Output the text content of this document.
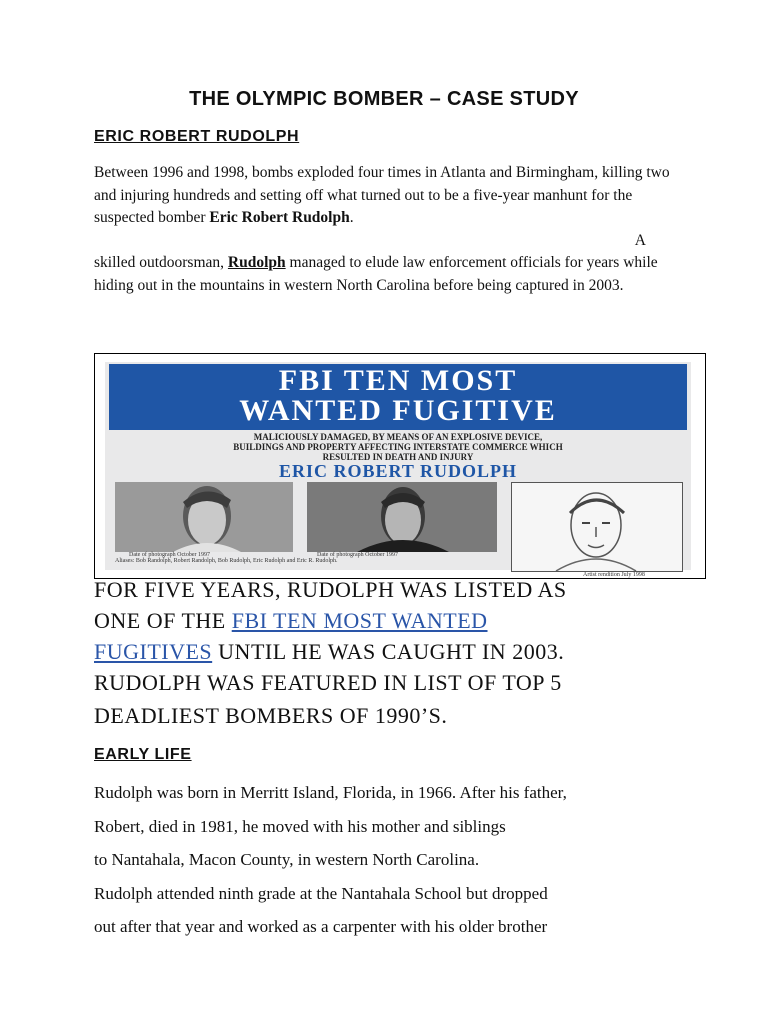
THE OLYMPIC BOMBER – CASE STUDY
ERIC ROBERT RUDOLPH

Between 1996 and 1998, bombs exploded four times in Atlanta and Birmingham, killing two and injuring hundreds and setting off what turned out to be a five-year manhunt for the suspected bomber Eric Robert Rudolph.

A

skilled outdoorsman, Rudolph managed to elude law enforcement officials for years while hiding out in the mountains in western North Carolina before being captured in 2003.

FBI TEN MOST
WANTED FUGITIVE
MALICIOUSLY DAMAGED, BY MEANS OF AN EXPLOSIVE DEVICE,
BUILDINGS AND PROPERTY AFFECTING INTERSTATE COMMERCE WHICH
RESULTED IN DEATH AND INJURY
ERIC ROBERT RUDOLPH
Date of photograph October 1997	Date of photograph October 1997
Artist rendition July 1998
Aliases: Bob Randolph, Robert Randolph, Bob Rudolph, Eric Rudolph and Eric R. Rudolph.
FOR FIVE YEARS, RUDOLPH WAS LISTED AS
ONE OF THE FBI TEN MOST WANTED
FUGITIVES UNTIL HE WAS CAUGHT IN 2003.
RUDOLPH WAS FEATURED IN LIST OF TOP 5
DEADLIEST BOMBERS OF 1990’S.
EARLY LIFE

Rudolph was born in Merritt Island, Florida, in 1966. After his father,

Robert, died in 1981, he moved with his mother and siblings

to Nantahala, Macon County, in western North Carolina.

Rudolph attended ninth grade at the Nantahala School but dropped

out after that year and worked as a carpenter with his older brother
